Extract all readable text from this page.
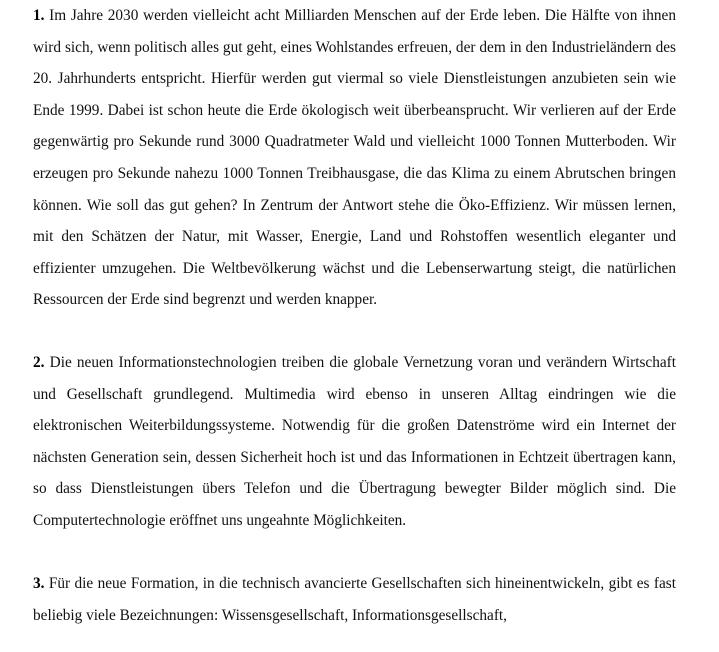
1. Im Jahre 2030 werden vielleicht acht Milliarden Menschen auf der Erde leben. Die Hälfte von ihnen wird sich, wenn politisch alles gut geht, eines Wohlstandes erfreuen, der dem in den Industrieländern des 20. Jahrhunderts entspricht. Hierfür werden gut viermal so viele Dienstleistungen anzubieten sein wie Ende 1999. Dabei ist schon heute die Erde ökologisch weit überbeansprucht. Wir verlieren auf der Erde gegenwärtig pro Sekunde rund 3000 Quadratmeter Wald und vielleicht 1000 Tonnen Mutterboden. Wir erzeugen pro Sekunde nahezu 1000 Tonnen Treibhausgase, die das Klima zu einem Abrutschen bringen können. Wie soll das gut gehen? In Zentrum der Antwort stehe die Öko-Effizienz. Wir müssen lernen, mit den Schätzen der Natur, mit Wasser, Energie, Land und Rohstoffen wesentlich eleganter und effizienter umzugehen. Die Weltbevölkerung wächst und die Lebenserwartung steigt, die natürlichen Ressourcen der Erde sind begrenzt und werden knapper.

2. Die neuen Informationstechnologien treiben die globale Vernetzung voran und verändern Wirtschaft und Gesellschaft grundlegend. Multimedia wird ebenso in unseren Alltag eindringen wie die elektronischen Weiterbildungssysteme. Notwendig für die großen Datenströme wird ein Internet der nächsten Generation sein, dessen Sicherheit hoch ist und das Informationen in Echtzeit übertragen kann, so dass Dienstleistungen übers Telefon und die Übertragung bewegter Bilder möglich sind. Die Computertechnologie eröffnet uns ungeahnte Möglichkeiten.

3. Für die neue Formation, in die technisch avancierte Gesellschaften sich hineinentwickeln, gibt es fast beliebig viele Bezeichnungen: Wissensgesellschaft, Informationsgesellschaft,
